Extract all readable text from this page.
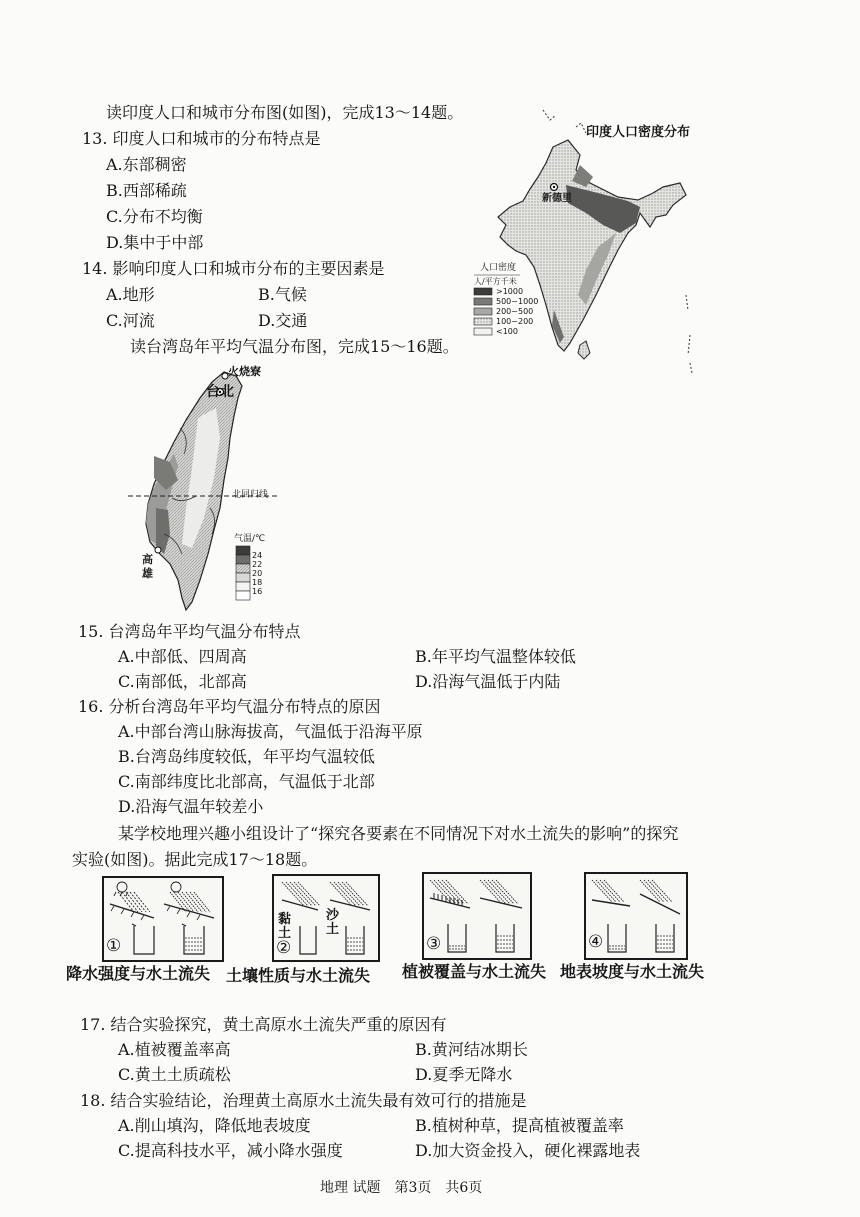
读印度人口和城市分布图(如图)，完成13～14题。
13. 印度人口和城市的分布特点是
A.东部稠密
B.西部稀疏
C.分布不均衡
D.集中于中部
14. 影响印度人口和城市分布的主要因素是
A.地形	B.气候
C.河流	D.交通
读台湾岛年平均气温分布图，完成15～16题。
印度人口密度分布
新德里
人口密度
人/平方千米
>1000
500~1000
200~500
100~200
<100
火烧寮
台北
北回归线
高
雄
气温/℃
24
22
20
18
16
15. 台湾岛年平均气温分布特点
A.中部低、四周高	B.年平均气温整体较低
C.南部低，北部高	D.沿海气温低于内陆
16. 分析台湾岛年平均气温分布特点的原因
A.中部台湾山脉海拔高，气温低于沿海平原
B.台湾岛纬度较低，年平均气温较低
C.南部纬度比北部高，气温低于北部
D.沿海气温年较差小
某学校地理兴趣小组设计了“探究各要素在不同情况下对水土流失的影响”的探究
实验(如图)。据此完成17～18题。
①
黏
土
沙
土
②	③	④
降水强度与水土流失 土壤性质与水土流失 植被覆盖与水土流失 地表坡度与水土流失
17. 结合实验探究，黄土高原水土流失严重的原因有
A.植被覆盖率高	B.黄河结冰期长
C.黄土土质疏松	D.夏季无降水
18. 结合实验结论，治理黄土高原水土流失最有效可行的措施是
A.削山填沟，降低地表坡度	B.植树种草，提高植被覆盖率
C.提高科技水平，减小降水强度	D.加大资金投入，硬化裸露地表
地理 试题　第3页　共6页
